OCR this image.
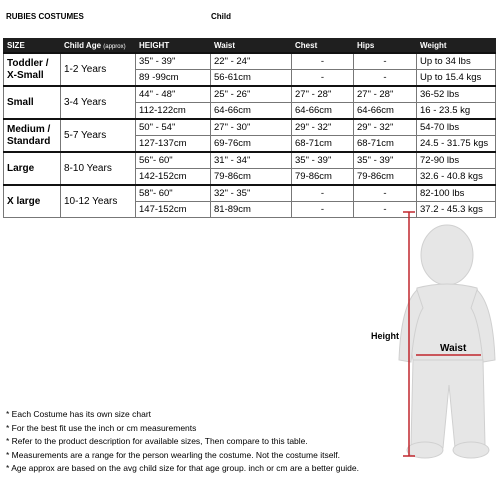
RUBIES COSTUMES	Child
SIZE	Child Age (approx)	HEIGHT	Waist	Chest	Hips	Weight

Toddler /
X-Small	1-2 Years	35" - 39"	22" - 24"	-	-	Up to 34 lbs
		89 -99cm	56-61cm	-	-	Up to 15.4 kgs

Small	3-4 Years	44" - 48"	25" - 26"	27" - 28"	27" - 28"	36-52 lbs
		112-122cm	64-66cm	64-66cm	64-66cm	16 - 23.5 kg

Medium /
Standard	5-7 Years	50" - 54"	27" - 30"	29" - 32"	29" - 32"	54-70 lbs
		127-137cm	69-76cm	68-71cm	68-71cm	24.5 - 31.75 kgs

Large	8-10 Years	56"- 60"	31" - 34"	35" - 39"	35" - 39"	72-90 lbs
		142-152cm	79-86cm	79-86cm	79-86cm	32.6 - 40.8 kgs

X large	10-12 Years	58"- 60"	32" - 35"	-	-	82-100 lbs
		147-152cm	81-89cm	-	-	37.2 - 45.3 kgs
Height
Waist
* Each Costume has its own size chart
* For the best fit use the inch or cm measurements
* Refer to the product description for available sizes, Then compare to this table.
* Measurements are a range for the person wearling the costume. Not the costume itself.
* Age approx are based on the avg child size for that age group. inch or cm are a better guide.
